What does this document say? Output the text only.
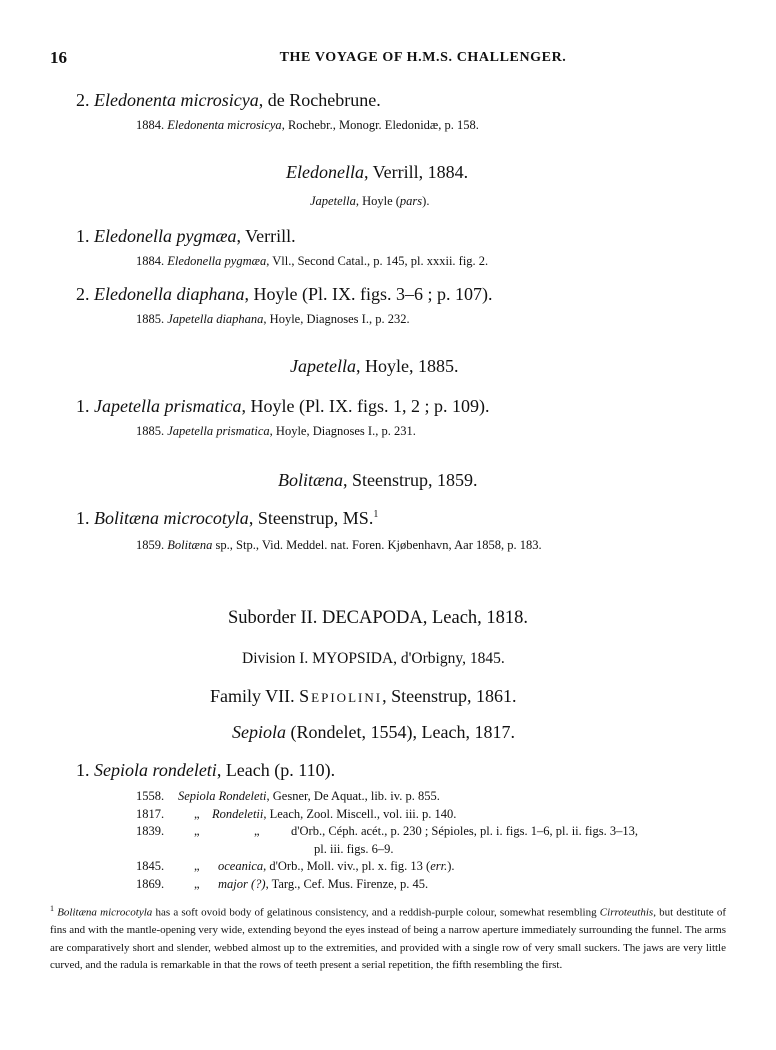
16	THE VOYAGE OF H.M.S. CHALLENGER.
2. Eledonenta microsicya, de Rochebrune.
1884. Eledonenta microsicya, Rochebr., Monogr. Eledonidæ, p. 158.
Eledonella, Verrill, 1884.
Japetella, Hoyle (pars).
1. Eledonella pygmæa, Verrill.
1884. Eledonella pygmæa, Vll., Second Catal., p. 145, pl. xxxii. fig. 2.
2. Eledonella diaphana, Hoyle (Pl. IX. figs. 3–6 ; p. 107).
1885. Japetella diaphana, Hoyle, Diagnoses I., p. 232.
Japetella, Hoyle, 1885.
1. Japetella prismatica, Hoyle (Pl. IX. figs. 1, 2 ; p. 109).
1885. Japetella prismatica, Hoyle, Diagnoses I., p. 231.
Bolitæna, Steenstrup, 1859.
1. Bolitæna microcotyla, Steenstrup, MS.$^1$
1859. Bolitæna sp., Stp., Vid. Meddel. nat. Foren. Kjøbenhavn, Aar 1858, p. 183.
Suborder II. DECAPODA, Leach, 1818.
Division I. MYOPSIDA, d'Orbigny, 1845.
Family VII. Sepiolini, Steenstrup, 1861.
Sepiola (Rondelet, 1554), Leach, 1817.
1. Sepiola rondeleti, Leach (p. 110).
1558. Sepiola Rondeleti, Gesner, De Aquat., lib. iv. p. 855.
1817. „ Rondeletii, Leach, Zool. Miscell., vol. iii. p. 140.
1839. „	„	d'Orb., Céph. acét., p. 230 ; Sépioles, pl. i. figs. 1–6, pl. ii. figs. 3–13,
pl. iii. figs. 6–9.
1845. „ oceanica, d'Orb., Moll. viv., pl. x. fig. 13 (err.).
1869. „ major (?), Targ., Cef. Mus. Firenze, p. 45.
$^1$ Bolitæna microcotyla has a soft ovoid body of gelatinous consistency, and a reddish-purple colour, somewhat resembling Cirroteuthis, but destitute of fins and with the mantle-opening very wide, extending beyond the eyes instead of being a narrow aperture immediately surrounding the funnel. The arms are comparatively short and slender, webbed almost up to the extremities, and provided with a single row of very small suckers. The jaws are very little curved, and the radula is remarkable in that the rows of teeth present a serial repetition, the fifth resembling the first.
